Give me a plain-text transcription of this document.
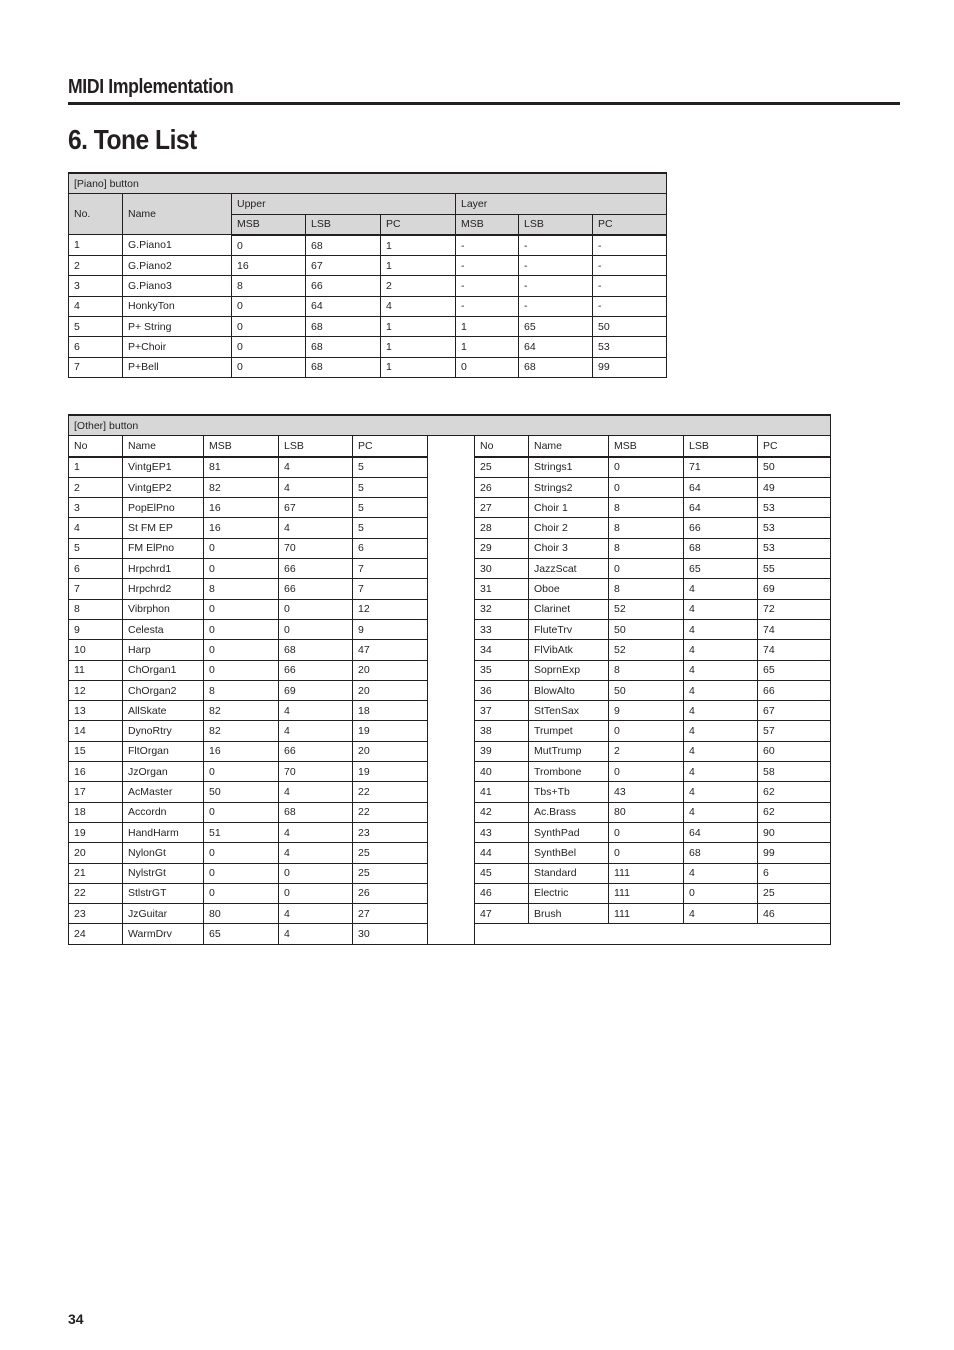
MIDI Implementation
6. Tone List
[Piano] button							
No.	Name	Upper			Layer		
		MSB	LSB	PC	MSB	LSB	PC
1	G.Piano1	0	68	1	-	-	-
2	G.Piano2	16	67	1	-	-	-
3	G.Piano3	8	66	2	-	-	-
4	HonkyTon	0	64	4	-	-	-
5	P+ String	0	68	1	1	65	50
6	P+Choir	0	68	1	1	64	53
7	P+Bell	0	68	1	0	68	99
[Other] button										
No	Name	MSB	LSB	PC		No	Name	MSB	LSB	PC
1	VintgEP1	81	4	5		25	Strings1	0	71	50
2	VintgEP2	82	4	5		26	Strings2	0	64	49
3	PopElPno	16	67	5		27	Choir 1	8	64	53
4	St FM EP	16	4	5		28	Choir 2	8	66	53
5	FM ElPno	0	70	6		29	Choir 3	8	68	53
6	Hrpchrd1	0	66	7		30	JazzScat	0	65	55
7	Hrpchrd2	8	66	7		31	Oboe	8	4	69
8	Vibrphon	0	0	12		32	Clarinet	52	4	72
9	Celesta	0	0	9		33	FluteTrv	50	4	74
10	Harp	0	68	47		34	FlVibAtk	52	4	74
11	ChOrgan1	0	66	20		35	SoprnExp	8	4	65
12	ChOrgan2	8	69	20		36	BlowAlto	50	4	66
13	AllSkate	82	4	18		37	StTenSax	9	4	67
14	DynoRtry	82	4	19		38	Trumpet	0	4	57
15	FltOrgan	16	66	20		39	MutTrump	2	4	60
16	JzOrgan	0	70	19		40	Trombone	0	4	58
17	AcMaster	50	4	22		41	Tbs+Tb	43	4	62
18	Accordn	0	68	22		42	Ac.Brass	80	4	62
19	HandHarm	51	4	23		43	SynthPad	0	64	90
20	NylonGt	0	4	25		44	SynthBel	0	68	99
21	NylstrGt	0	0	25		45	Standard	111	4	6
22	StlstrGT	0	0	26		46	Electric	111	0	25
23	JzGuitar	80	4	27		47	Brush	111	4	46
24	WarmDrv	65	4	30						
34
